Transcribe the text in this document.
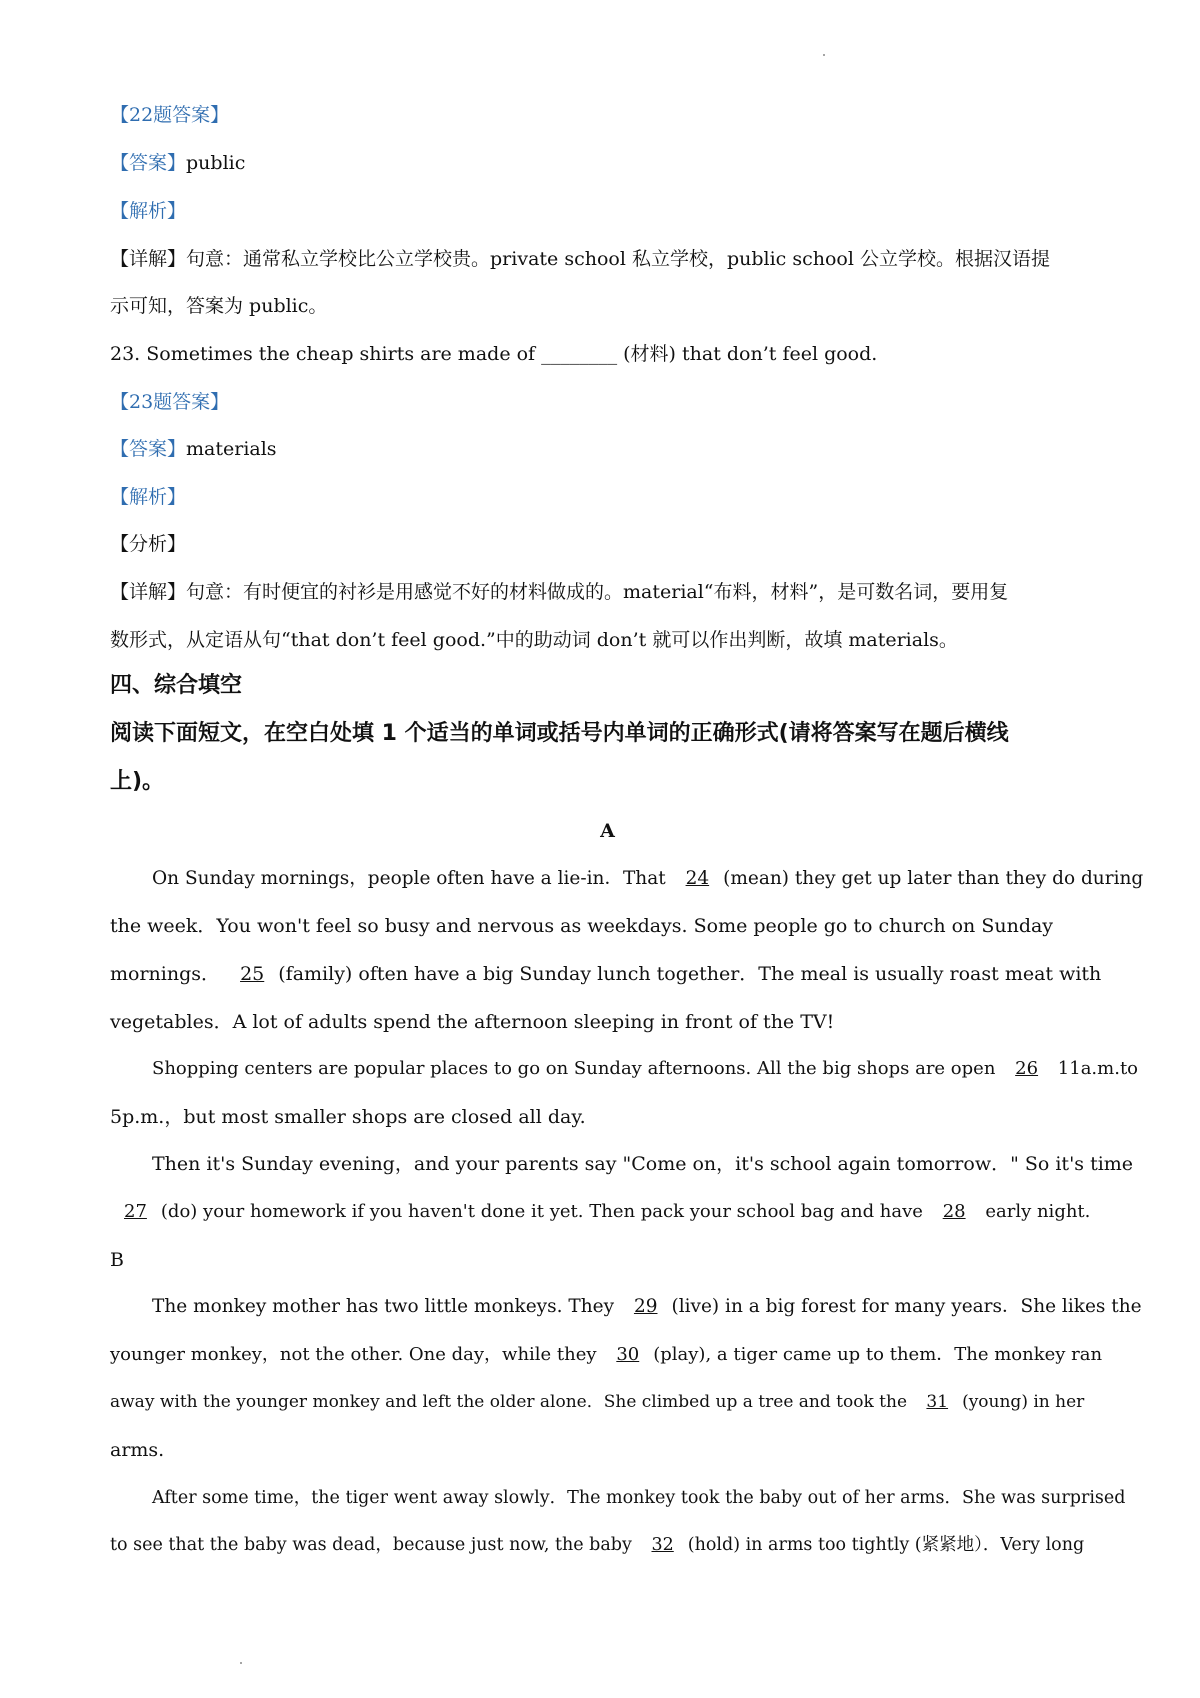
【22题答案】
【答案】public
【解析】
【详解】句意：通常私立学校比公立学校贵。private school 私立学校，public school 公立学校。根据汉语提
示可知，答案为 public。
23. Sometimes the cheap shirts are made of ________ (材料) that don’t feel good.
【23题答案】
【答案】materials
【解析】
【分析】
【详解】句意：有时便宜的衬衫是用感觉不好的材料做成的。material“布料，材料”，是可数名词，要用复
数形式，从定语从句“that don’t feel good.”中的助动词 don’t 就可以作出判断，故填 materials。
四、综合填空
阅读下面短文，在空白处填 1 个适当的单词或括号内单词的正确形式(请将答案写在题后横线
上)。
A
On Sunday mornings，people often have a lie-in．That 24 (mean) they get up later than they do during
the week．You won't feel so busy and nervous as weekdays. Some people go to church on Sunday
mornings． 25 (family) often have a big Sunday lunch together．The meal is usually roast meat with
vegetables．A lot of adults spend the afternoon sleeping in front of the TV!
Shopping centers are popular places to go on Sunday afternoons. All the big shops are open 26 11a.m.to
5p.m.，but most smaller shops are closed all day.
Then it's Sunday evening，and your parents say "Come on，it's school again tomorrow．" So it's time
27 (do) your homework if you haven't done it yet. Then pack your school bag and have 28 early night.
B
The monkey mother has two little monkeys. They 29 (live) in a big forest for many years．She likes the
younger monkey，not the other. One day，while they 30 (play), a tiger came up to them．The monkey ran
away with the younger monkey and left the older alone．She climbed up a tree and took the 31 (young) in her
arms.
After some time，the tiger went away slowly．The monkey took the baby out of her arms．She was surprised
to see that the baby was dead，because just now, the baby 32 (hold) in arms too tightly (紧紧地）．Very long
